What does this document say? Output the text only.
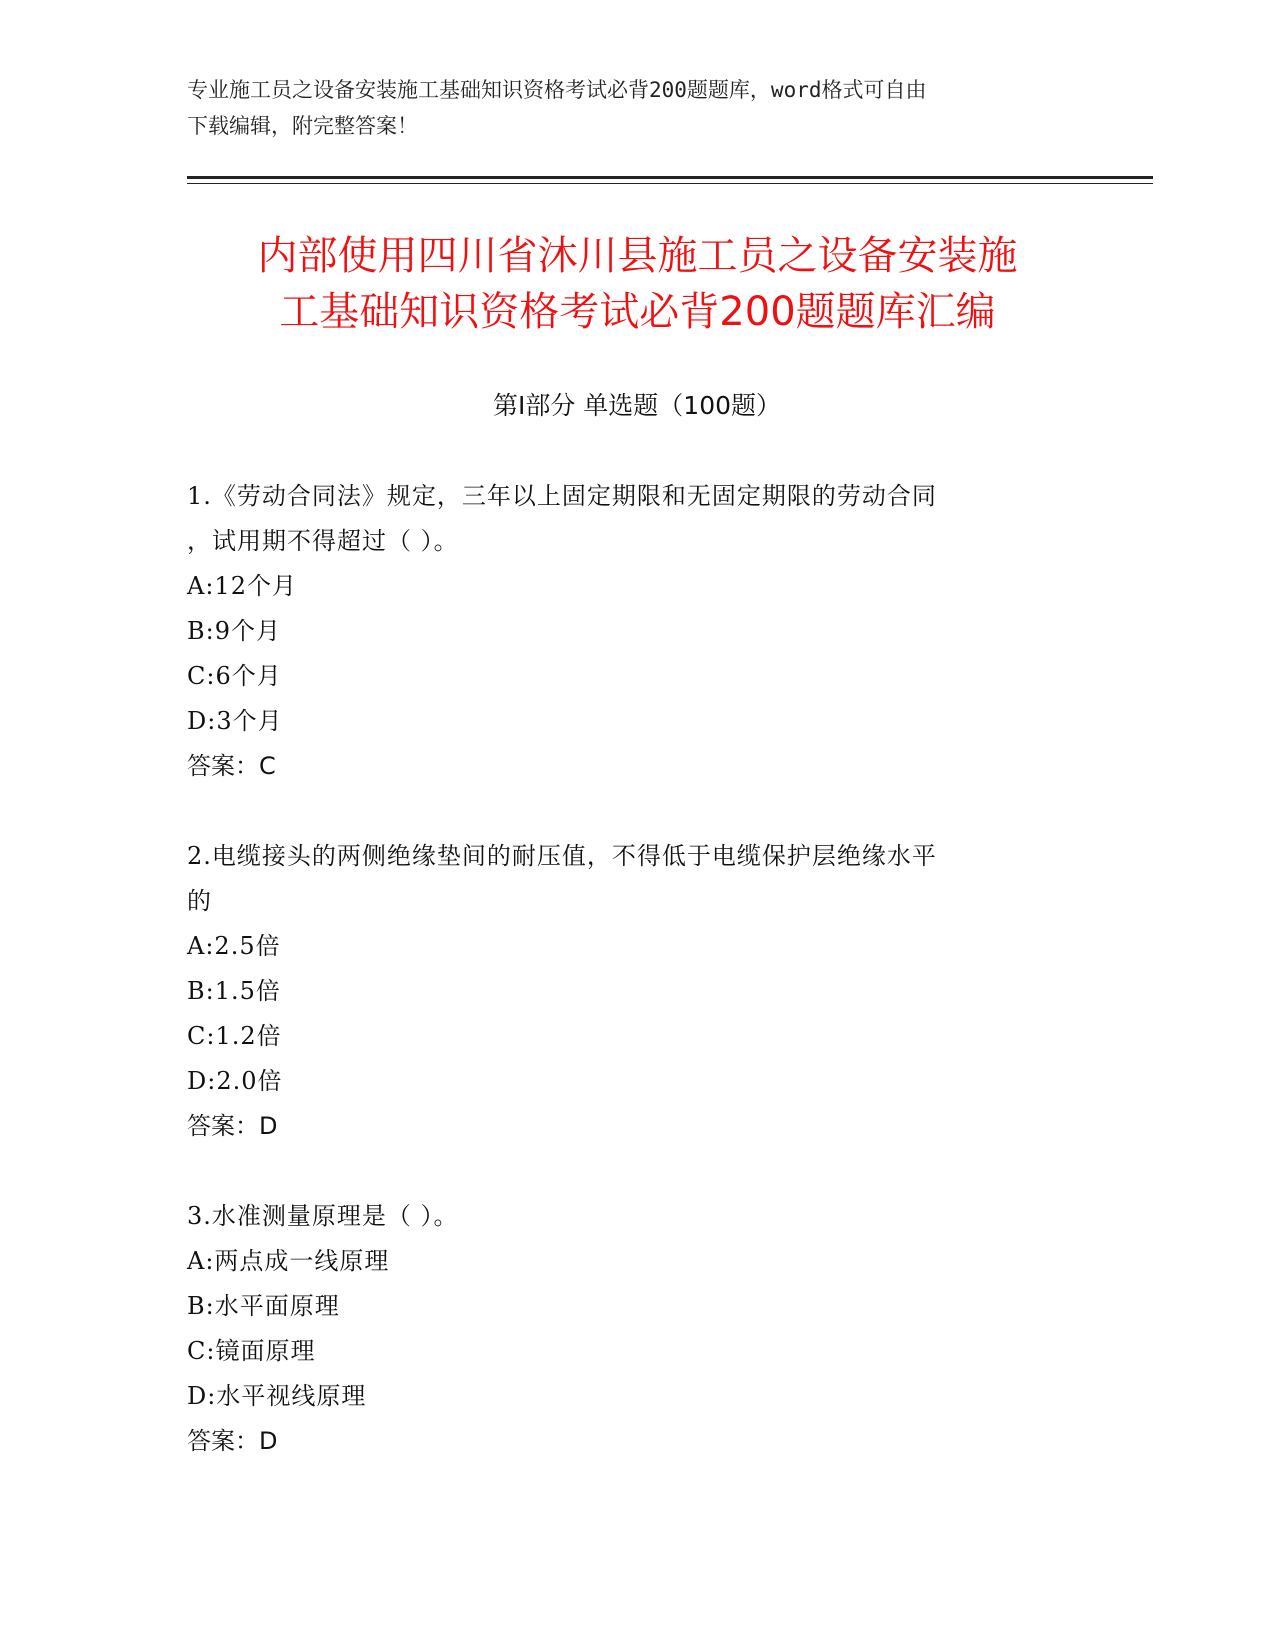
专业施工员之设备安装施工基础知识资格考试必背200题题库，word格式可自由
下载编辑，附完整答案！
内部使用四川省沐川县施工员之设备安装施
工基础知识资格考试必背200题题库汇编
第I部分 单选题（100题）
1.《劳动合同法》规定，三年以上固定期限和无固定期限的劳动合同
，试用期不得超过（ ）。
A:12个月
B:9个月
C:6个月
D:3个月
答案：C
2.电缆接头的两侧绝缘垫间的耐压值，不得低于电缆保护层绝缘水平
的
A:2.5倍
B:1.5倍
C:1.2倍
D:2.0倍
答案：D
3.水准测量原理是（ ）。
A:两点成一线原理
B:水平面原理
C:镜面原理
D:水平视线原理
答案：D
